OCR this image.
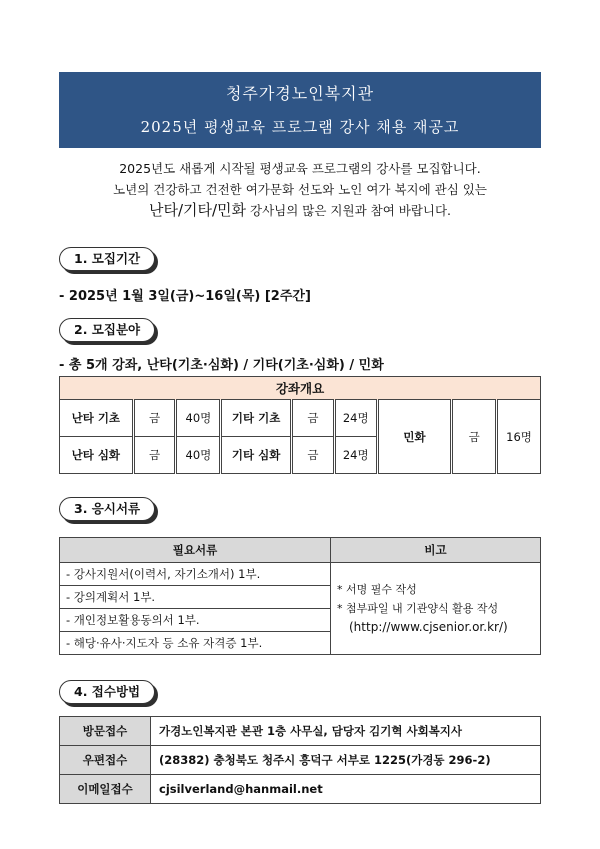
청주가경노인복지관
2025년 평생교육 프로그램 강사 채용 재공고
2025년도 새롭게 시작될 평생교육 프로그램의 강사를 모집합니다.
노년의 건강하고 건전한 여가문화 선도와 노인 여가 복지에 관심 있는
난타/기타/민화 강사님의 많은 지원과 참여 바랍니다.
1. 모집기간
- 2025년 1월 3일(금)~16일(목) [2주간]
2. 모집분야
- 총 5개 강좌, 난타(기초·심화) / 기타(기초·심화) / 민화
강좌개요								
난타 기초	금	40명	기타 기초	금	24명	민화	금	16명
난타 심화	금	40명	기타 심화	금	24명			
3. 응시서류
필요서류	비고
- 강사지원서(이력서, 자기소개서) 1부.	* 서명 필수 작성
* 첨부파일 내 기관양식 활용 작성
(http://www.cjsenior.or.kr/)

- 강의계획서 1부.	
- 개인정보활용동의서 1부.	
- 해당·유사·지도자 등 소유 자격증 1부.	
4. 접수방법
방문접수	가경노인복지관 본관 1층 사무실, 담당자 김기혁 사회복지사
우편접수	(28382) 충청북도 청주시 흥덕구 서부로 1225(가경동 296-2)
이메일접수	cjsilverland@hanmail.net
